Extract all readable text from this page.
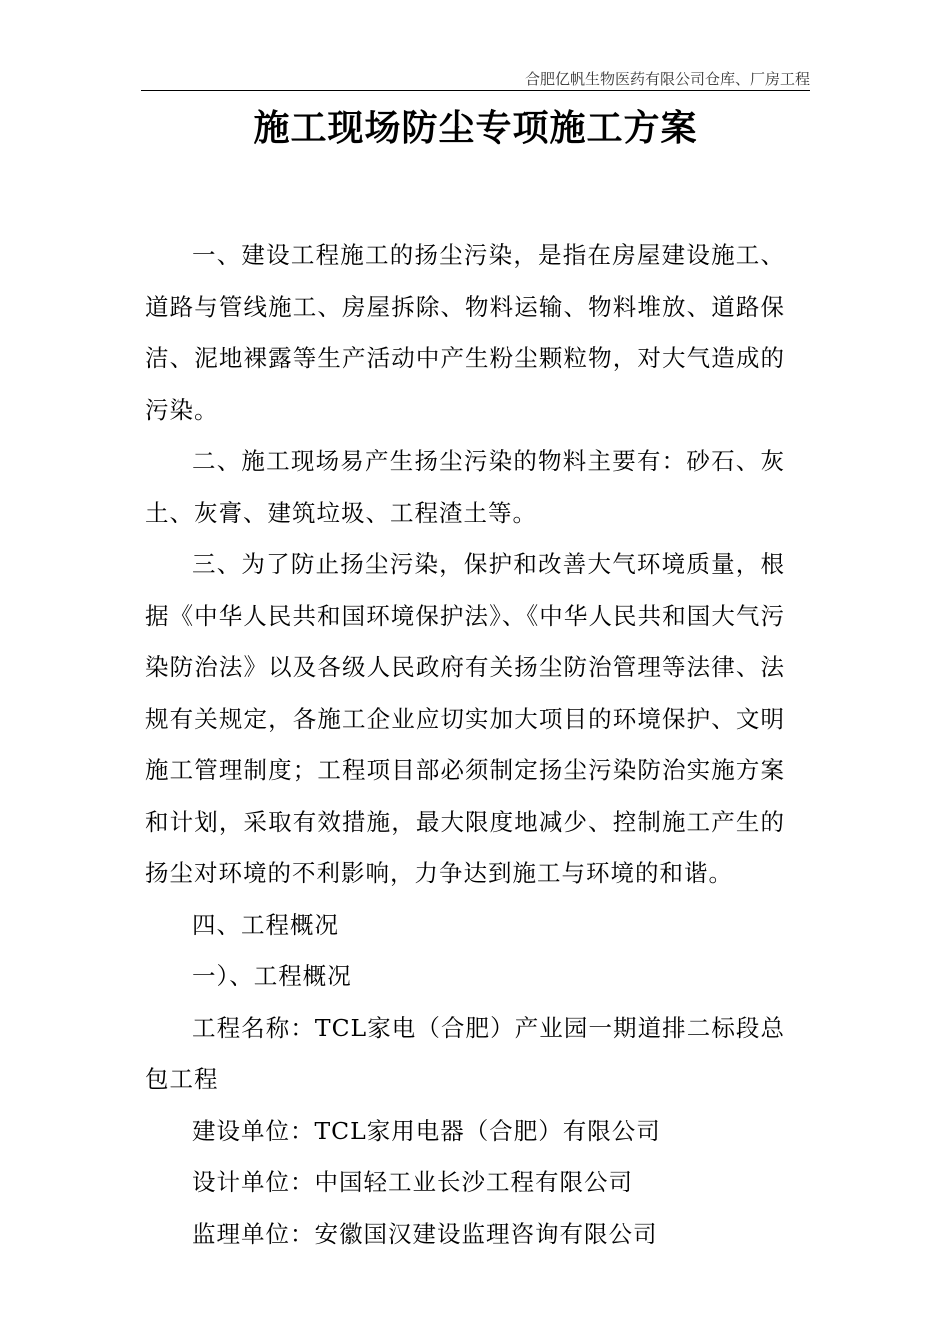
合肥亿帆生物医药有限公司仓库、厂房工程
施工现场防尘专项施工方案

一、建设工程施工的扬尘污染，是指在房屋建设施工、道路与管线施工、房屋拆除、物料运输、物料堆放、道路保洁、泥地裸露等生产活动中产生粉尘颗粒物，对大气造成的污染。

二、施工现场易产生扬尘污染的物料主要有：砂石、灰土、灰膏、建筑垃圾、工程渣土等。

三、为了防止扬尘污染，保护和改善大气环境质量，根据《中华人民共和国环境保护法》、《中华人民共和国大气污染防治法》以及各级人民政府有关扬尘防治管理等法律、法规有关规定，各施工企业应切实加大项目的环境保护、文明施工管理制度；工程项目部必须制定扬尘污染防治实施方案和计划，采取有效措施，最大限度地减少、控制施工产生的扬尘对环境的不利影响，力争达到施工与环境的和谐。

四、工程概况

一）、工程概况

工程名称：TCL家电（合肥）产业园一期道排二标段总包工程

建设单位：TCL家用电器（合肥）有限公司

设计单位：中国轻工业长沙工程有限公司

监理单位：安徽国汉建设监理咨询有限公司
